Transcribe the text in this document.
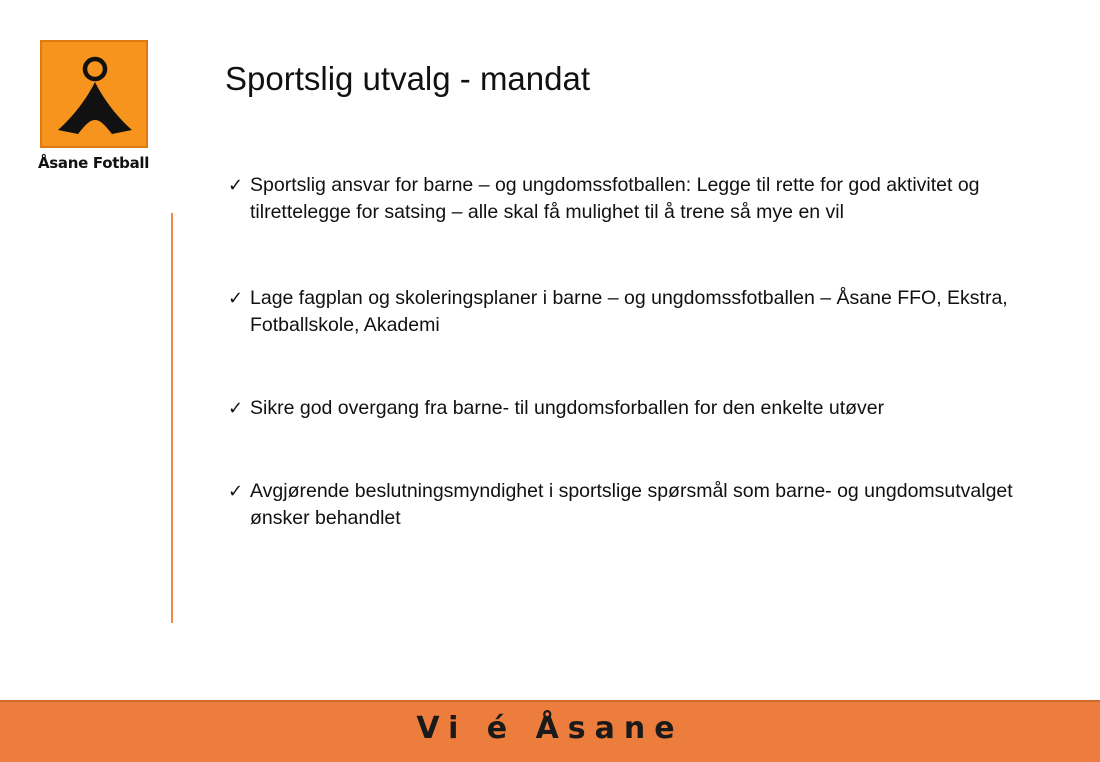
Åsane Fotball
Sportslig utvalg - mandat
✓ Sportslig ansvar for barne – og ungdomssfotballen: Legge til rette for god aktivitet og tilrettelegge for satsing – alle skal få mulighet til å trene så mye en vil
✓ Lage fagplan og skoleringsplaner i barne – og ungdomssfotballen – Åsane FFO, Ekstra, Fotballskole, Akademi
✓ Sikre god overgang fra barne- til ungdomsforballen for den enkelte utøver
✓ Avgjørende beslutningsmyndighet i sportslige spørsmål som barne- og ungdomsutvalget ønsker behandlet
Vi é Åsane
